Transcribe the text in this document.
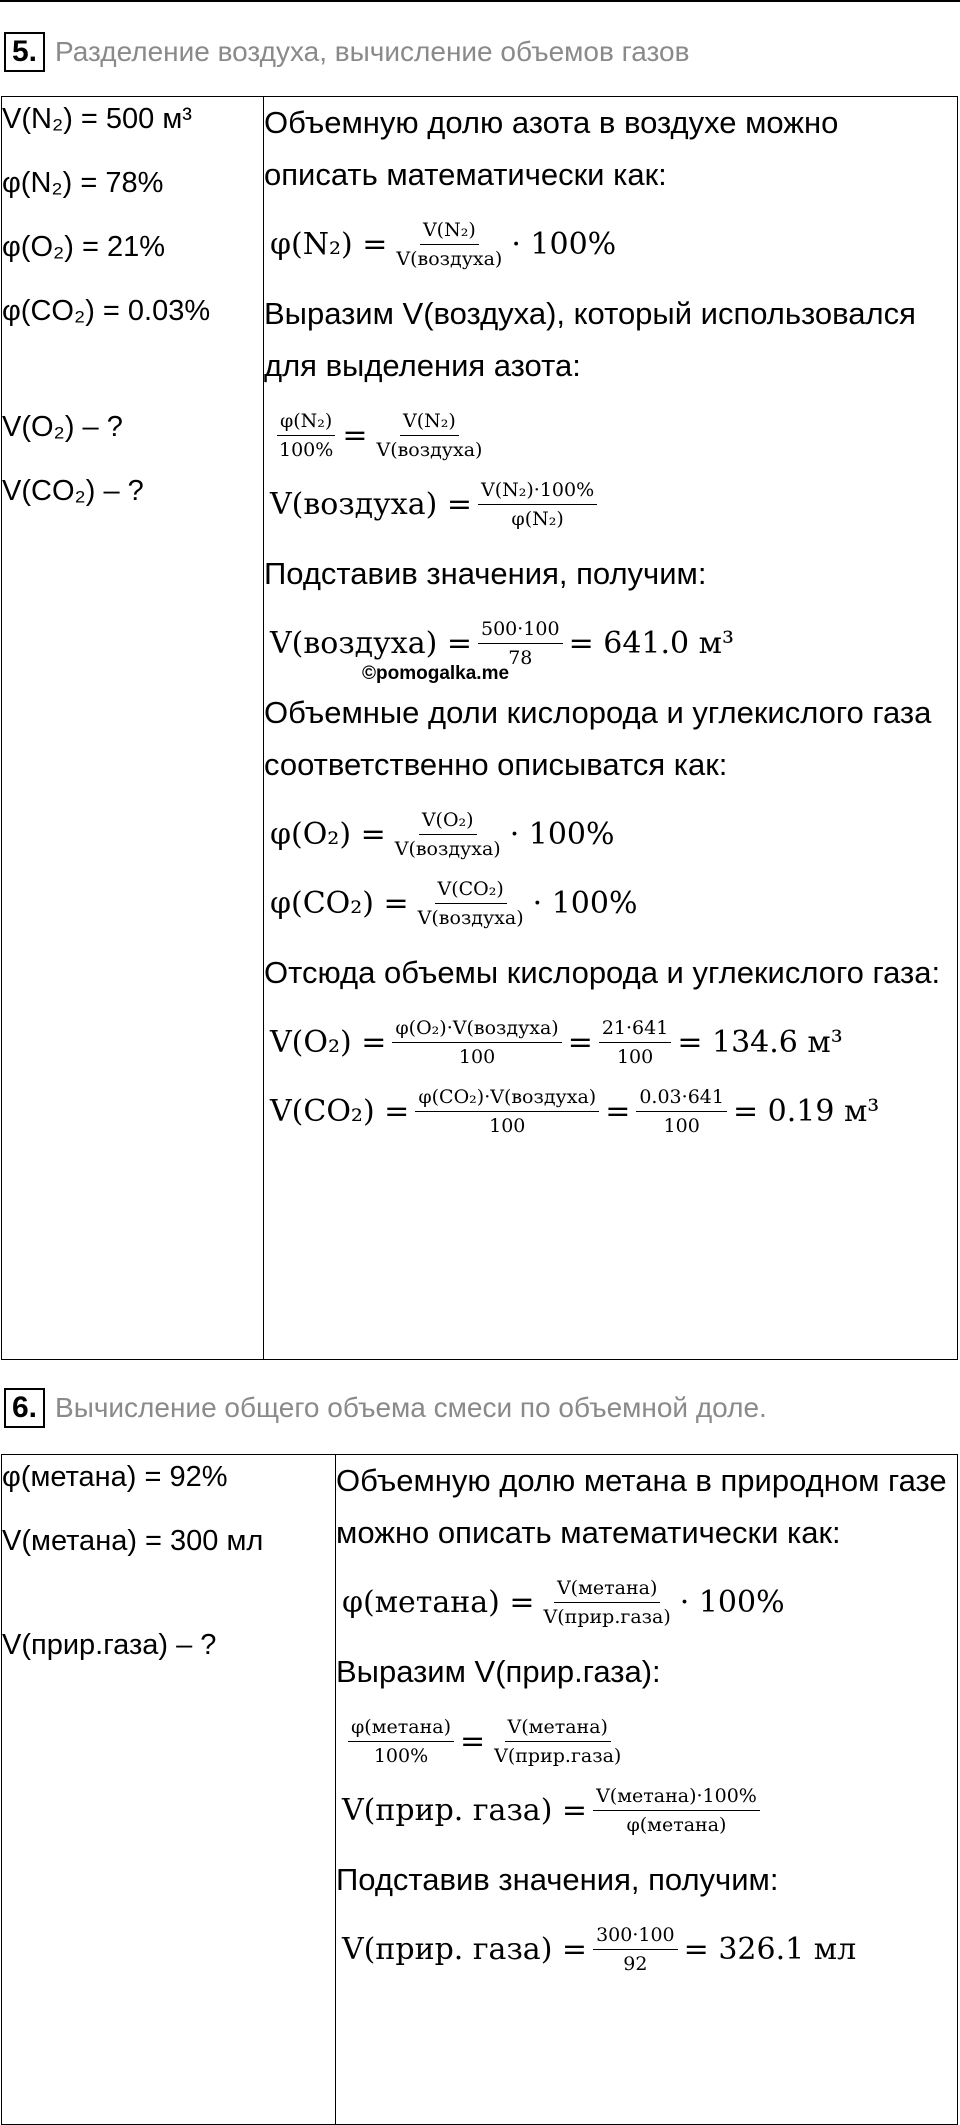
5. Разделение воздуха, вычисление объемов газов
V(N₂) = 500 м³
φ(N₂) = 78%
φ(O₂) = 21%
φ(CO₂) = 0.03%
V(O₂) – ?
V(CO₂) – ?

Объемную долю азота в воздухе можно описать математически как:

$\varphi(N_2) = \frac{\text{V(N₂)}}{\text{V(воздуха)}} \cdot 100\%$

Выразим V(воздуха), который использовался для выделения азота:

$\frac{\text{φ(N₂)}}{100\%} = \frac{\text{V(N₂)}}{\text{V(воздуха)}}$
V(воздуха) = $\frac{\text{V(N₂)·100\%}}{\text{φ(N₂)}}$
©pomogalka.me

Подставив значения, получим:

V(воздуха) = $\frac{500\cdot 100}{78} = 641.0$ м³

Объемные доли кислорода и углекислого газа соответственно описыватся как:

$\varphi(O_2) = \frac{\text{V(O₂)}}{\text{V(воздуха)}} \cdot 100\%$
$\varphi(CO_2) = \frac{\text{V(CO₂)}}{\text{V(воздуха)}} \cdot 100\%$

Отсюда объемы кислорода и углекислого газа:

$V(O_2) = \frac{\text{φ(O₂)·V(воздуха)}}{100} = \frac{21\cdot 641}{100} = 134.6$ м³
$V(CO_2) = \frac{\text{φ(CO₂)·V(воздуха)}}{100} = \frac{0.03\cdot 641}{100} = 0.19$ м³
6. Вычисление общего объема смеси по объемной доле.
φ(метана) = 92%
V(метана) = 300 мл
V(прир.газа) – ?

Объемную долю метана в природном газе можно описать математически как:

φ(метана) = $\frac{\text{V(метана)}}{\text{V(прир.газа)}} \cdot 100\%$

Выразим V(прир.газа):

$\frac{\text{φ(метана)}}{100\%} = \frac{\text{V(метана)}}{\text{V(прир.газа)}}$
V(прир. газа) = $\frac{\text{V(метана)·100\%}}{\text{φ(метана)}}$

Подставив значения, получим:

V(прир. газа) = $\frac{300\cdot 100}{92} = 326.1$ мл
